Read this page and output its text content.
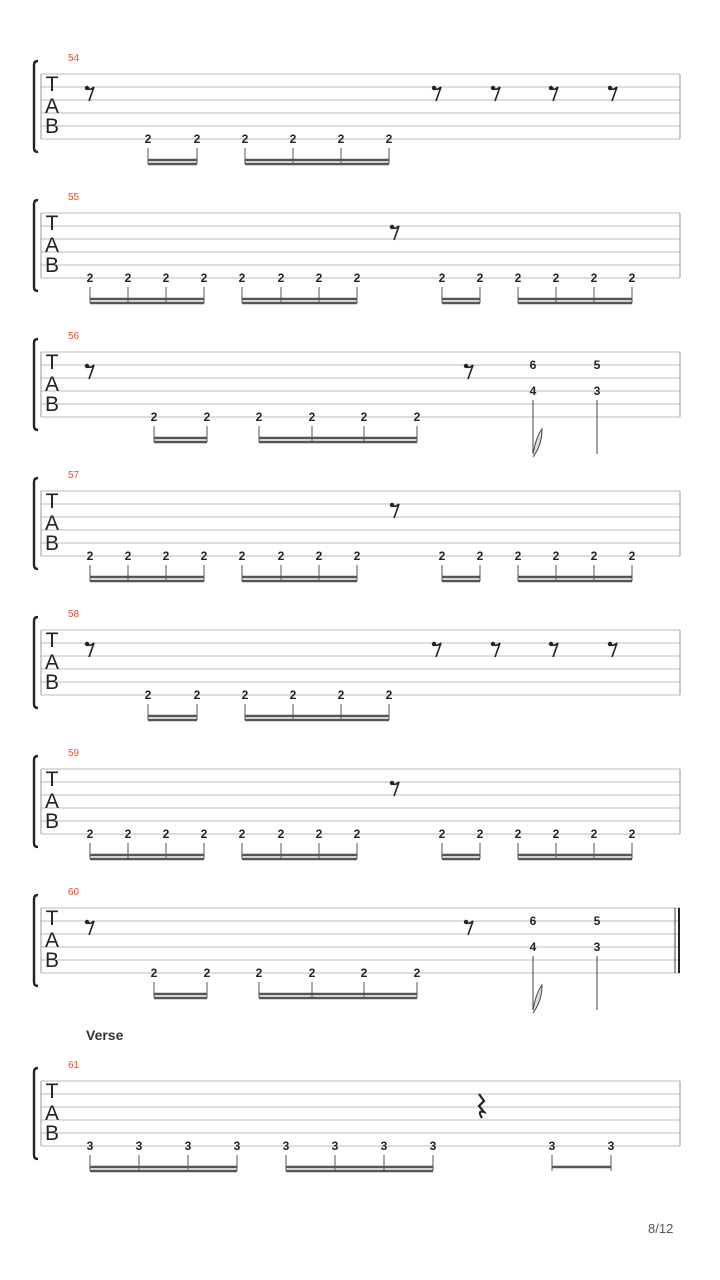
T
A
B
54
2	2	2	2	2	2
T
A
B
55
2	2	2	2	2	2	2	2	2	2	2	2	2	2
T
A
B
56
2	2	2	2	2	2
6
4
5
3
T
A
B
57
2	2	2	2	2	2	2	2	2	2	2	2	2	2
T
A
B
58
2	2	2	2	2	2
T
A
B
59
2	2	2	2	2	2	2	2	2	2	2	2	2	2
T
A
B
60
2	2	2	2	2	2
6
4
5
3
T
A
B
61
3	3	3	3	3	3	3	3	3	3
Verse
8/12
